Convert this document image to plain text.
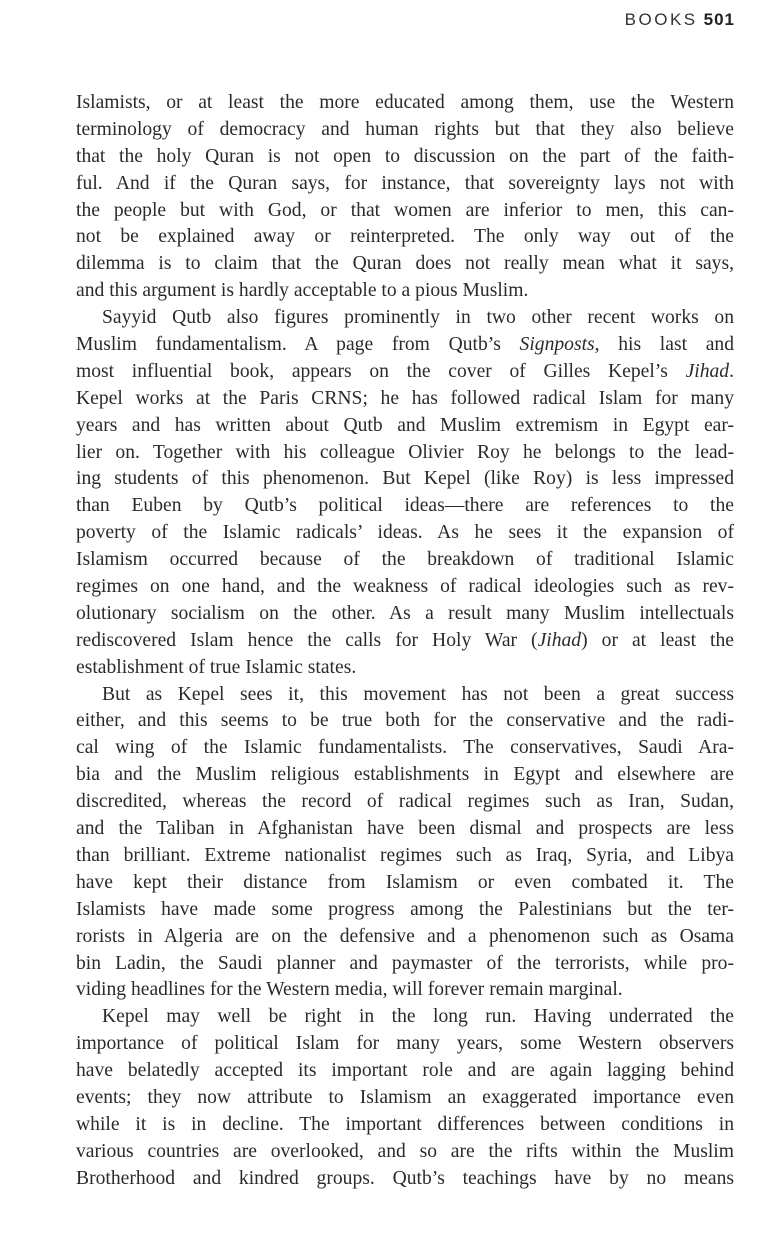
BOOKS 501
Islamists, or at least the more educated among them, use the Western
terminology of democracy and human rights but that they also believe
that the holy Quran is not open to discussion on the part of the faith-
ful. And if the Quran says, for instance, that sovereignty lays not with
the people but with God, or that women are inferior to men, this can-
not be explained away or reinterpreted. The only way out of the
dilemma is to claim that the Quran does not really mean what it says,
and this argument is hardly acceptable to a pious Muslim.
Sayyid Qutb also figures prominently in two other recent works on
Muslim fundamentalism. A page from Qutb’s Signposts, his last and
most influential book, appears on the cover of Gilles Kepel’s Jihad.
Kepel works at the Paris CRNS; he has followed radical Islam for many
years and has written about Qutb and Muslim extremism in Egypt ear-
lier on. Together with his colleague Olivier Roy he belongs to the lead-
ing students of this phenomenon. But Kepel (like Roy) is less impressed
than Euben by Qutb’s political ideas—there are references to the
poverty of the Islamic radicals’ ideas. As he sees it the expansion of
Islamism occurred because of the breakdown of traditional Islamic
regimes on one hand, and the weakness of radical ideologies such as rev-
olutionary socialism on the other. As a result many Muslim intellectuals
rediscovered Islam hence the calls for Holy War (Jihad) or at least the
establishment of true Islamic states.
But as Kepel sees it, this movement has not been a great success
either, and this seems to be true both for the conservative and the radi-
cal wing of the Islamic fundamentalists. The conservatives, Saudi Ara-
bia and the Muslim religious establishments in Egypt and elsewhere are
discredited, whereas the record of radical regimes such as Iran, Sudan,
and the Taliban in Afghanistan have been dismal and prospects are less
than brilliant. Extreme nationalist regimes such as Iraq, Syria, and Libya
have kept their distance from Islamism or even combated it. The
Islamists have made some progress among the Palestinians but the ter-
rorists in Algeria are on the defensive and a phenomenon such as Osama
bin Ladin, the Saudi planner and paymaster of the terrorists, while pro-
viding headlines for the Western media, will forever remain marginal.
Kepel may well be right in the long run. Having underrated the
importance of political Islam for many years, some Western observers
have belatedly accepted its important role and are again lagging behind
events; they now attribute to Islamism an exaggerated importance even
while it is in decline. The important differences between conditions in
various countries are overlooked, and so are the rifts within the Muslim
Brotherhood and kindred groups. Qutb’s teachings have by no means
